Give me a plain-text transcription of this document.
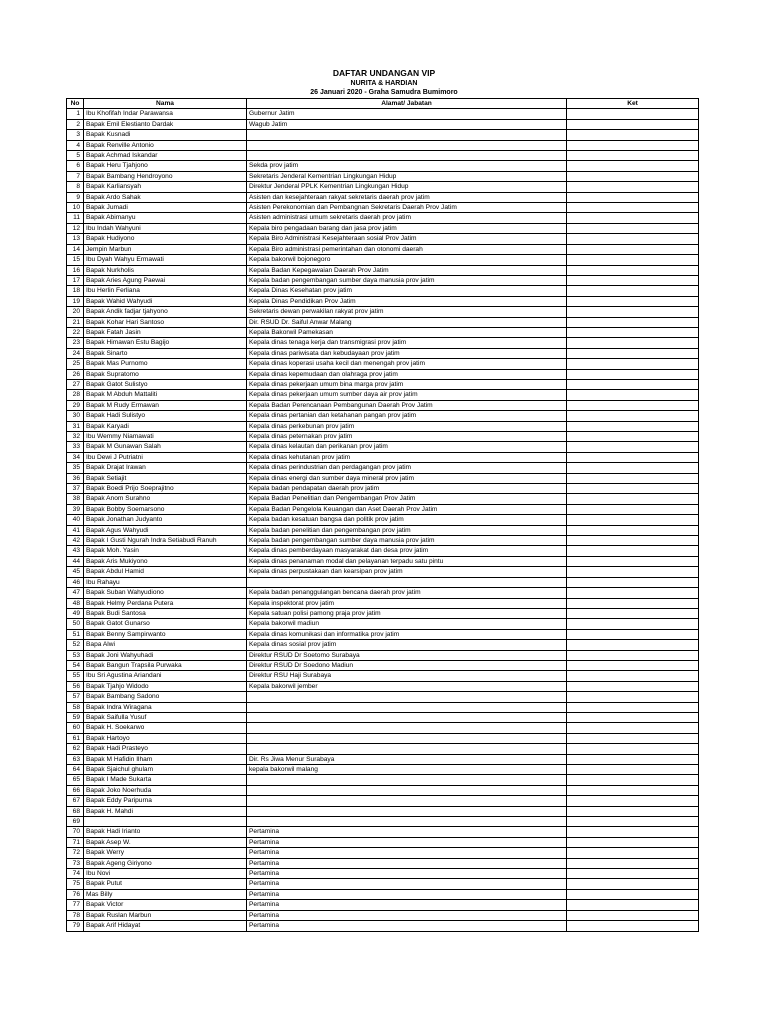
DAFTAR UNDANGAN VIP
NURITA & HARDIAN
26 Januari 2020 - Graha Samudra Bumimoro
No	Nama	Alamat/ Jabatan	Ket
1	Ibu Khofifah Indar Parawansa	Gubernur Jatim	
2	Bapak Emil Elestianto Dardak	Wagub Jatim	
3	Bapak Kusnadi		
4	Bapak Renville Antonio		
5	Bapak Achmad Iskandar		
6	Bapak Heru Tjahjono	Sekda prov jatim	
7	Bapak Bambang Hendroyono	Sekretaris Jenderal Kementrian Lingkungan Hidup	
8	Bapak Karliansyah	Direktur Jenderal PPLK Kementrian Lingkungan Hidup	
9	Bapak Ardo Sahak	Asisten dan kesejahteraan rakyat sekretaris daerah prov jatim	
10	Bapak Jumadi	Asisten Perekonomian dan Pembangnan Sekretaris Daerah Prov Jatim	
11	Bapak Abimanyu	Asisten administrasi umum sekretaris daerah prov jatim	
12	Ibu Indah Wahyuni	Kepala biro pengadaan barang dan jasa prov jatim	
13	Bapak Hudiyono	Kepala Biro Administrasi Kesejahteraan sosial Prov Jatim	
14	Jempin Marbun	Kepala Biro administrasi pemerintahan dan otonomi daerah	
15	Ibu Dyah Wahyu Ermawati	Kepala bakorwil bojonegoro	
16	Bapak Nurkholis	Kepala Badan Kepegawaian Daerah Prov Jatim	
17	Bapak Aries Agung Paewai	Kepala badan pengembangan sumber daya manusia prov jatim	
18	Ibu Herlin Ferliana	Kepala Dinas Kesehatan prov jatim	
19	Bapak Wahid Wahyudi	Kepala Dinas Pendidikan Prov Jatim	
20	Bapak Andik fadjar tjahyono	Sekretaris dewan perwakilan rakyat prov jatim	
21	Bapak Kohar Hari Santoso	Dir. RSUD Dr. Saiful Anwar Malang	
22	Bapak Fatah Jasin	Kepala Bakorwil Pamekasan	
23	Bapak Himawan Estu Bagijo	Kepala dinas tenaga kerja dan transmigrasi prov jatim	
24	Bapak Sinarto	Kepala dinas pariwisata dan kebudayaan prov jatim	
25	Bapak Mas Purnomo	Kepala dinas koperasi usaha kecil dan menengah prov jatim	
26	Bapak Supratomo	Kepala dinas kepemudaan dan olahraga prov jatim	
27	Bapak Gatot Sulistyo	Kepala dinas pekerjaan umum bina marga prov jatim	
28	Bapak M Abduh Mattaliti	Kepala dinas pekerjaan umum sumber daya air prov jatim	
29	Bapak M Rudy Ermawan	Kepala Badan Perencanaan Pembangunan Daerah Prov Jatim	
30	Bapak Hadi Sulistyo	Kepala dinas pertanian dan ketahanan pangan prov jatim	
31	Bapak Karyadi	Kepala dinas perkebunan prov jatim	
32	Ibu Wemmy Niamawati	Kepala dinas peternakan prov jatim	
33	Bapak M Gunawan Salah	Kepala dinas kelautan dan perikanan prov jatim	
34	Ibu Dewi J Putriatni	Kepala dinas kehutanan prov jatim	
35	Bapak Drajat Irawan	Kepala dinas perindustrian dan perdagangan prov jatim	
36	Bapak Setiajit	Kepala dinas energi dan sumber daya mineral prov jatim	
37	Bapak Boedi Prijo Soeprajitno	Kepala badan pendapatan daerah prov jatim	
38	Bapak Anom Surahno	Kepala Badan Penelitian dan Pengembangan Prov Jatim	
39	Bapak Bobby Soemarsono	Kepala Badan Pengelola Keuangan dan Aset Daerah Prov Jatim	
40	Bapak Jonathan Judyanto	Kepala badan kesatuan bangsa dan politik prov jatim	
41	Bapak Agus Wahyudi	Kepala badan penelitian dan pengembangan prov jatim	
42	Bapak I Gusti Ngurah Indra Setiabudi Ranuh	Kepala badan pengembangan sumber daya manusia prov jatim	
43	Bapak Moh. Yasin	Kepala dinas pemberdayaan masyarakat dan desa prov jatim	
44	Bapak Aris Mukiyono	Kepala dinas penanaman modal dan pelayanan terpadu satu pintu	
45	Bapak Abdul Hamid	Kepala dinas perpustakaan dan kearsipan prov jatim	
46	Ibu Rahayu		
47	Bapak Suban Wahyudiono	Kepala badan penanggulangan bencana daerah prov jatim	
48	Bapak Helmy Perdana Putera	Kepala inspektorat prov jatim	
49	Bapak Budi Santosa	Kepala satuan polisi pamong praja prov jatim	
50	Bapak Gatot Gunarso	Kepala bakorwil madiun	
51	Bapak Benny Sampirwanto	Kepala dinas komunikasi dan informatika prov jatim	
52	Bapa Alwi	Kepala dinas sosial prov jatim	
53	Bapak Joni Wahyuhadi	Direktur RSUD Dr Soetomo Surabaya	
54	Bapak Bangun Trapsila Purwaka	Direktur RSUD Dr Soedono Madiun	
55	Ibu Sri Agustina Ariandani	Direktur RSU Haji Surabaya	
56	Bapak Tjahjo Widodo	Kepala bakorwil jember	
57	Bapak Bambang Sadono		
58	Bapak Indra Wiragana		
59	Bapak Saifulla Yusuf		
60	Bapak H. Soekarwo		
61	Bapak Hartoyo		
62	Bapak Hadi Prasteyo		
63	Bapak M Hafidin Ilham	Dir. Rs Jiwa Menur Surabaya	
64	Bapak Sjaichul ghulam	kepala bakorwil malang	
65	Bapak I Made Sukarta		
66	Bapak Joko Noerhuda		
67	Bapak Eddy Paripurna		
68	Bapak H. Mahdi		
69			
70	Bapak Hadi Irianto	Pertamina	
71	Bapak Asep W.	Pertamina	
72	Bapak Werry	Pertamina	
73	Bapak Ageng Giriyono	Pertamina	
74	Ibu Novi	Pertamina	
75	Bapak Putut	Pertamina	
76	Mas Billy	Pertamina	
77	Bapak Victor	Pertamina	
78	Bapak Ruslan Marbun	Pertamina	
79	Bapak Arif Hidayat	Pertamina	
